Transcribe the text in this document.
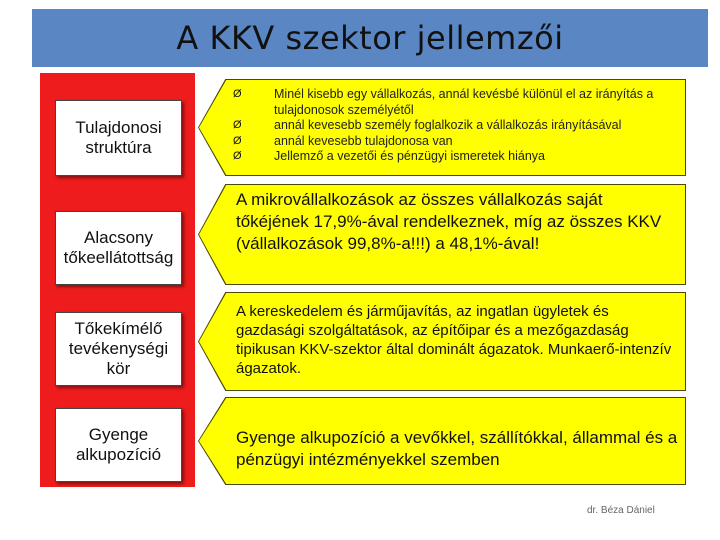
A KKV szektor jellemzői
Tulajdonosi
struktúra
Alacsony
tőkeellátottság
Tőkekímélő
tevékenységi
kör
Gyenge
alkupozíció
Ø	Minél kisebb egy vállalkozás, annál kevésbé különül el az irányítás a tulajdonosok személyétől
Ø	annál kevesebb személy foglalkozik a vállalkozás irányításával
Ø	annál kevesebb tulajdonosa van
Ø	Jellemző a vezetői és pénzügyi ismeretek hiánya
A mikrovállalkozások az összes vállalkozás saját tőkéjének 17,9%-ával rendelkeznek, míg az összes KKV (vállalkozások 99,8%-a!!!) a 48,1%-ával!
A kereskedelem és járműjavítás, az ingatlan ügyletek és gazdasági szolgáltatások, az építőipar és a mezőgazdaság tipikusan KKV-szektor által dominált ágazatok. Munkaerő-intenzív ágazatok.
Gyenge alkupozíció a vevőkkel, szállítókkal, állammal és a pénzügyi intézményekkel szemben
dr. Béza Dániel
